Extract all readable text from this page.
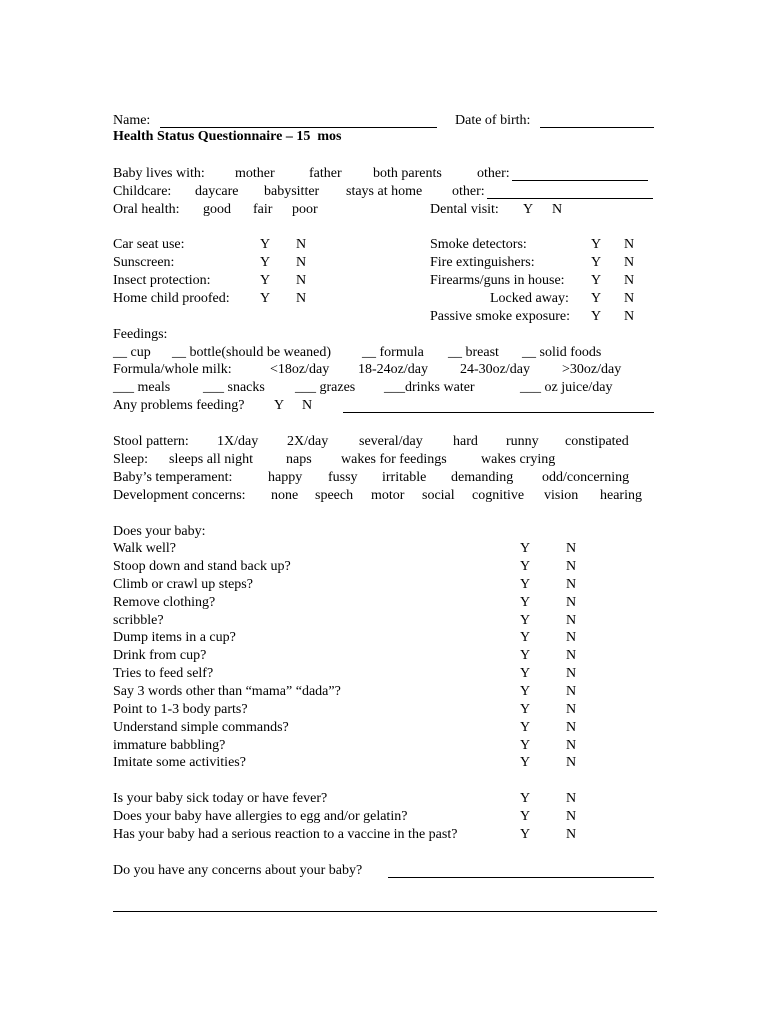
Name:	Date of birth:
Health Status Questionnaire – 15  mos
Baby lives with: mother father both parents	other:
Childcare: daycare babysitter stays at home other:
Oral health: good fair poor	Dental visit: Y N
Car seat use:	Y N
Sunscreen:	Y N
Insect protection:	Y N
Home child proofed: Y N
Smoke detectors:	Y N
Fire extinguishers:	Y N
Firearms/guns in house: Y N
Locked away: Y N
Passive smoke exposure: Y N
Feedings:
__ cup __ bottle(should be weaned) __ formula __ breast __ solid foods
Formula/whole milk:	<18oz/day 18-24oz/day 24-30oz/day >30oz/day
___ meals ___ snacks ___ grazes ___drinks water	___ oz juice/day
Any problems feeding? Y N
Stool pattern: 1X/day 2X/day several/day hard runny constipated
Sleep: sleeps all night naps wakes for feedings wakes crying
Baby’s temperament:	happy fussy irritable demanding odd/concerning
Development concerns: none speech motor social cognitive vision hearing
Does your baby:
Walk well?	Y	N
Stoop down and stand back up?	Y	N
Climb or crawl up steps?	Y	N
Remove clothing?	Y	N
scribble?	Y	N
Dump items in a cup?	Y	N
Drink from cup?	Y	N
Tries to feed self?	Y	N
Say 3 words other than “mama” “dada”?	Y	N
Point to 1-3 body parts?	Y	N
Understand simple commands?	Y	N
immature babbling?	Y	N
Imitate some activities?	Y	N
Is your baby sick today or have fever?	Y	N
Does your baby have allergies to egg and/or gelatin?	Y	N
Has your baby had a serious reaction to a vaccine in the past?	Y	N
Do you have any concerns about your baby?
